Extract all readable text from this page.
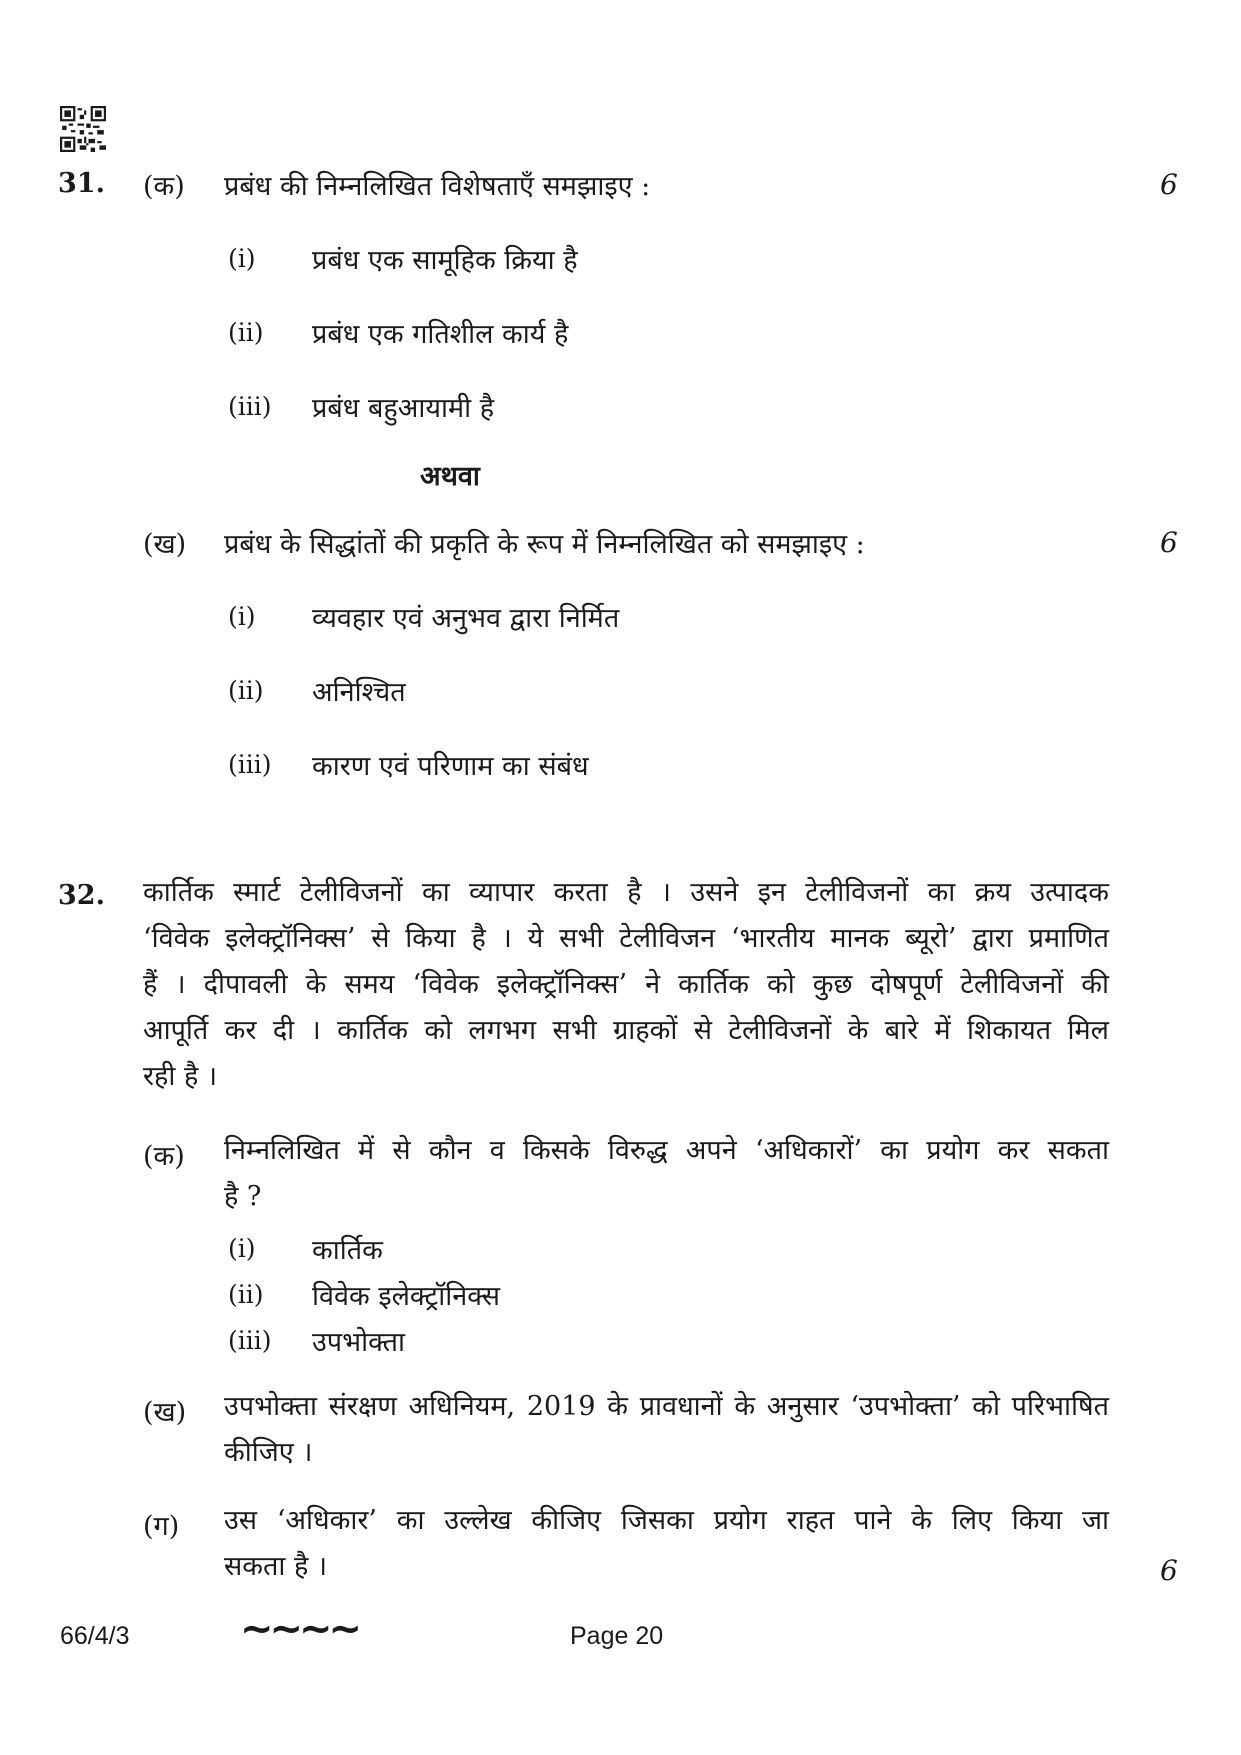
31. (क) प्रबंध की निम्नलिखित विशेषताएँ समझाइए :	6
(i) प्रबंध एक सामूहिक क्रिया है
(ii) प्रबंध एक गतिशील कार्य है
(iii) प्रबंध बहुआयामी है
अथवा
(ख) प्रबंध के सिद्धांतों की प्रकृति के रूप में निम्नलिखित को समझाइए :	6
(i) व्यवहार एवं अनुभव द्वारा निर्मित
(ii) अनिश्चित
(iii) कारण एवं परिणाम का संबंध
32. कार्तिक स्मार्ट टेलीविजनों का व्यापार करता है । उसने इन टेलीविजनों का क्रय उत्पादक
‘विवेक इलेक्ट्रॉनिक्स’ से किया है । ये सभी टेलीविजन ‘भारतीय मानक ब्यूरो’ द्वारा प्रमाणित
हैं । दीपावली के समय ‘विवेक इलेक्ट्रॉनिक्स’ ने कार्तिक को कुछ दोषपूर्ण टेलीविजनों की
आपूर्ति कर दी । कार्तिक को लगभग सभी ग्राहकों से टेलीविजनों के बारे में शिकायत मिल
रही है ।
(क) निम्नलिखित में से कौन व किसके विरुद्ध अपने ‘अधिकारों’ का प्रयोग कर सकता
है ?
(i) कार्तिक
(ii) विवेक इलेक्ट्रॉनिक्स
(iii) उपभोक्ता
(ख) उपभोक्ता संरक्षण अधिनियम, 2019 के प्रावधानों के अनुसार ‘उपभोक्ता’ को परिभाषित
कीजिए ।
(ग) उस ‘अधिकार’ का उल्लेख कीजिए जिसका प्रयोग राहत पाने के लिए किया जा
सकता है ।	6
66/4/3	~~~~	Page 20
